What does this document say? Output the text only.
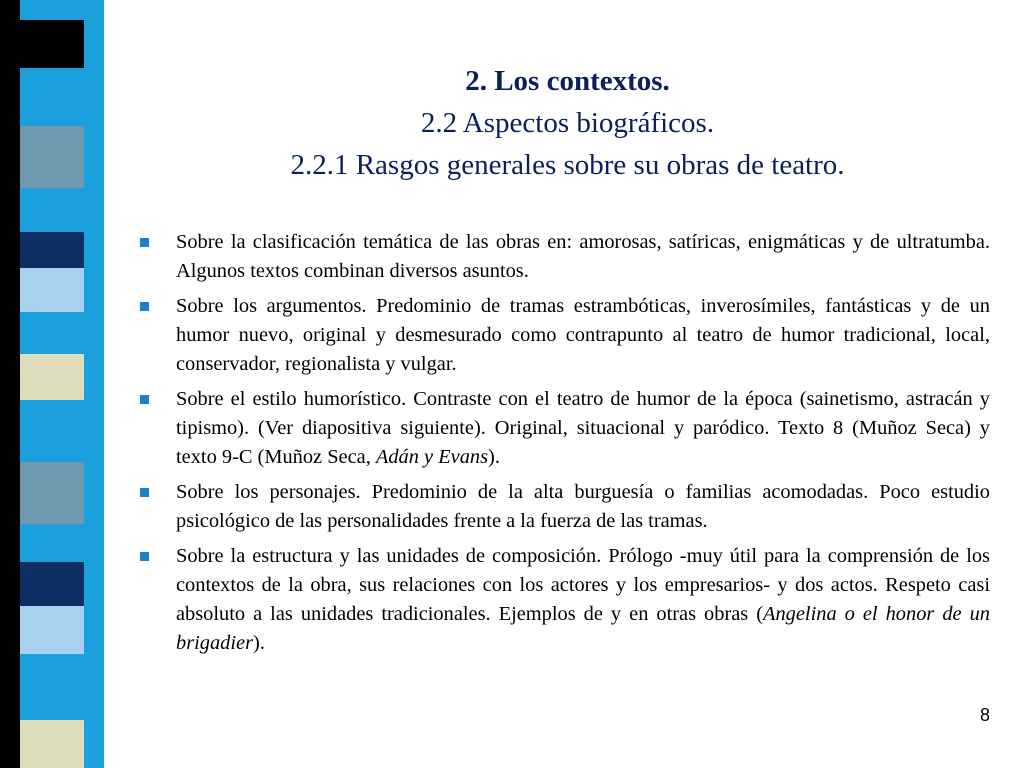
2. Los contextos.
2.2 Aspectos biográficos.
2.2.1 Rasgos generales sobre su obras de teatro.
Sobre la clasificación temática de las obras en: amorosas, satíricas, enigmáticas y de ultratumba. Algunos textos combinan diversos asuntos.
Sobre los argumentos. Predominio de tramas estrambóticas, inverosímiles, fantásticas y de un humor nuevo, original y desmesurado como contrapunto al teatro de humor tradicional, local, conservador, regionalista y vulgar.
Sobre el estilo humorístico. Contraste con el teatro de humor de la época (sainetismo, astracán y tipismo). (Ver diapositiva siguiente). Original, situacional y paródico. Texto 8 (Muñoz Seca) y texto 9-C (Muñoz Seca, Adán y Evans).
Sobre los personajes. Predominio de la alta burguesía o familias acomodadas. Poco estudio psicológico de las personalidades frente a la fuerza de las tramas.
Sobre la estructura y las unidades de composición. Prólogo -muy útil para la comprensión de los contextos de la obra, sus relaciones con los actores y los empresarios- y dos actos. Respeto casi absoluto a las unidades tradicionales. Ejemplos de y en otras obras (Angelina o el honor de un brigadier).
8
